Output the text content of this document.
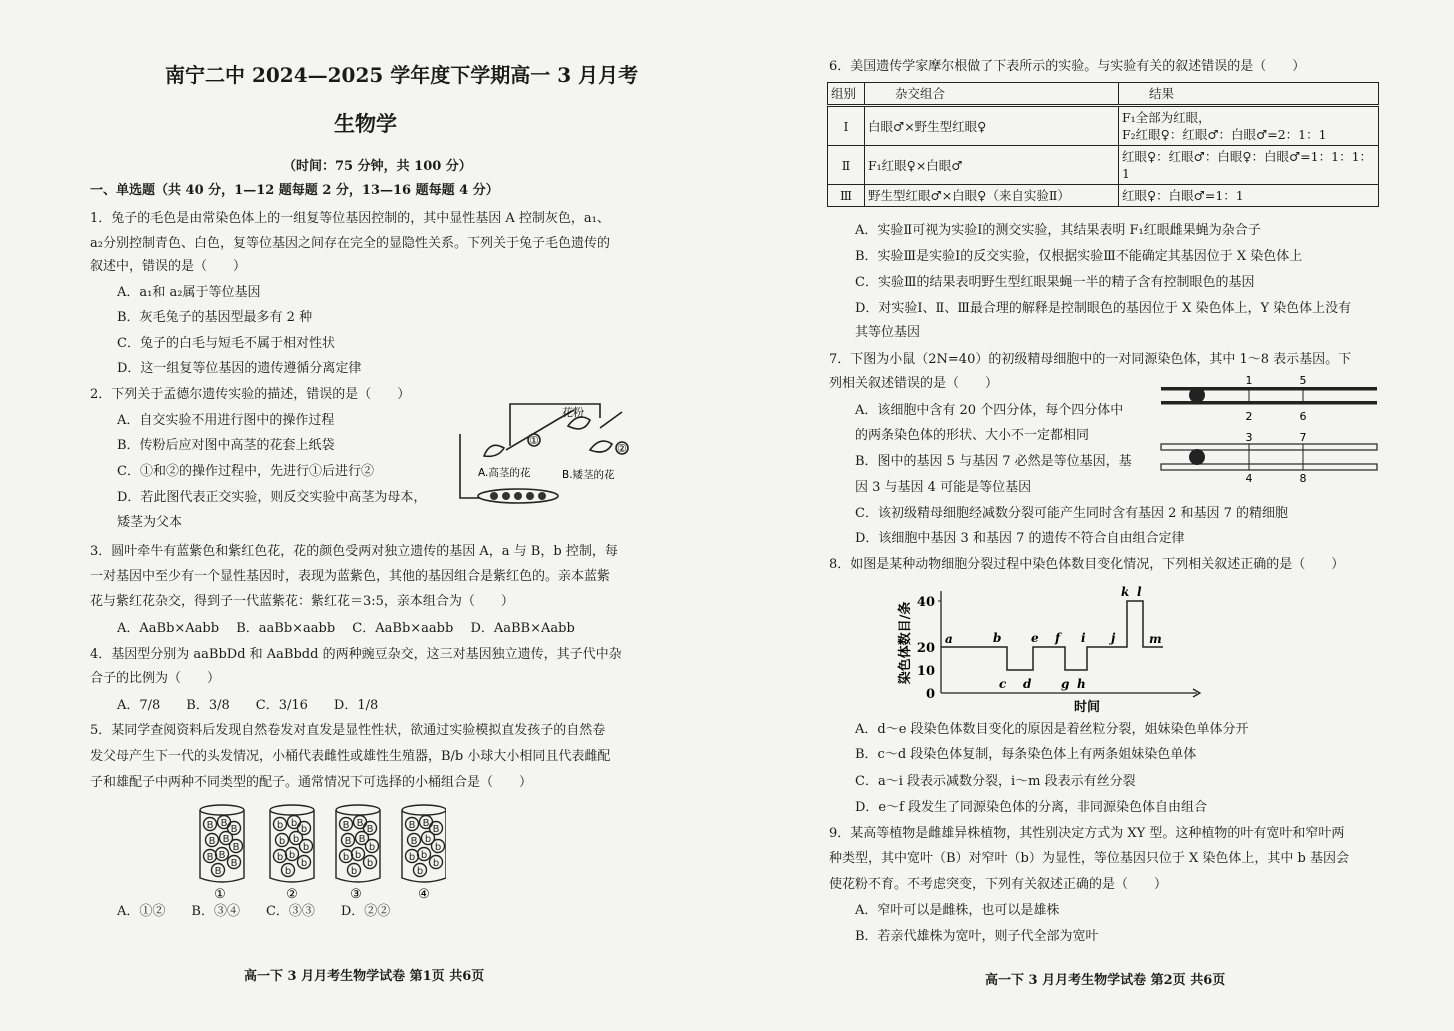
南宁二中 2024—2025 学年度下学期高一 3 月月考
生物学
（时间：75 分钟，共 100 分）
一、单选题（共 40 分，1—12 题每题 2 分，13—16 题每题 4 分）
1．兔子的毛色是由常染色体上的一组复等位基因控制的，其中显性基因 A 控制灰色，a₁、
a₂分别控制青色、白色，复等位基因之间存在完全的显隐性关系。下列关于兔子毛色遗传的
叙述中，错误的是（　　）
A．a₁和 a₂属于等位基因
B．灰毛兔子的基因型最多有 2 种
C．兔子的白毛与短毛不属于相对性状
D．这一组复等位基因的遗传遵循分离定律
2．下列关于孟德尔遗传实验的描述，错误的是（　　）
A．自交实验不用进行图中的操作过程
B．传粉后应对图中高茎的花套上纸袋
C．①和②的操作过程中，先进行①后进行②
D．若此图代表正交实验，则反交实验中高茎为母本，
矮茎为父本
花粉
①
②
A.高茎的花	B.矮茎的花
3．圆叶牵牛有蓝紫色和紫红色花，花的颜色受两对独立遗传的基因 A，a 与 B，b 控制，每
一对基因中至少有一个显性基因时，表现为蓝紫色，其他的基因组合是紫红色的。亲本蓝紫
花与紫红花杂交，得到子一代蓝紫花：紫红花＝3:5，亲本组合为（　　）
A．AaBb×Aabb　 B．aaBb×aabb　 C．AaBb×aabb　 D．AaBB×Aabb
4．基因型分别为 aaBbDd 和 AaBbdd 的两种豌豆杂交，这三对基因独立遗传，其子代中杂
合子的比例为（　　）
A．7/8　　B．3/8　　C．3/16　　D．1/8
5．某同学查阅资料后发现自然卷发对直发是显性性状，欲通过实验模拟直发孩子的自然卷
发父母产生下一代的头发情况，小桶代表雌性或雄性生殖器，B/b 小球大小相同且代表雌配
子和雄配子中两种不同类型的配子。通常情况下可选择的小桶组合是（　　）
①	②	③	④
B B
B
B B
B
B B
B
B
b b
b
b b
b
b b
b
b
B B
B
B B
b
b b
b
b
B B
B
B b
b
b b
b
b
A．①②　　B．③④　　C．③③　　D．②②
高一下 3 月月考生物学试卷 第1页 共6页
6．美国遗传学家摩尔根做了下表所示的实验。与实验有关的叙述错误的是（　　）
组别	杂交组合	结果
Ⅰ	白眼♂×野生型红眼♀	F₁全部为红眼，
F₂红眼♀：红眼♂：白眼♂=2：1：1

Ⅱ	F₁红眼♀×白眼♂	红眼♀：红眼♂：白眼♀：白眼♂=1：1：1：1
Ⅲ	野生型红眼♂×白眼♀（来自实验Ⅱ）	红眼♀：白眼♂=1：1
A．实验Ⅱ可视为实验Ⅰ的测交实验，其结果表明 F₁红眼雌果蝇为杂合子
B．实验Ⅲ是实验Ⅰ的反交实验，仅根据实验Ⅲ不能确定其基因位于 X 染色体上
C．实验Ⅲ的结果表明野生型红眼果蝇一半的精子含有控制眼色的基因
D．对实验Ⅰ、Ⅱ、Ⅲ最合理的解释是控制眼色的基因位于 X 染色体上，Y 染色体上没有
其等位基因
7．下图为小鼠（2N=40）的初级精母细胞中的一对同源染色体，其中 1～8 表示基因。下
列相关叙述错误的是（　　）
A．该细胞中含有 20 个四分体，每个四分体中
的两条染色体的形状、大小不一定都相同
B．图中的基因 5 与基因 7 必然是等位基因，基
因 3 与基因 4 可能是等位基因
C．该初级精母细胞经减数分裂可能产生同时含有基因 2 和基因 7 的精细胞
D．该细胞中基因 3 和基因 7 的遗传不符合自由组合定律
1	5
2	6
3	7
4	8
8．如图是某种动物细胞分裂过程中染色体数目变化情况，下列相关叙述正确的是（　　）
染色体数目/条
时间
0
10
20
40
a	b
c d
e f
g h
i j
k l
m
A．d～e 段染色体数目变化的原因是着丝粒分裂，姐妹染色单体分开
B．c～d 段染色体复制，每条染色体上有两条姐妹染色单体
C．a～i 段表示减数分裂，i～m 段表示有丝分裂
D．e～f 段发生了同源染色体的分离，非同源染色体自由组合
9．某高等植物是雌雄异株植物，其性别决定方式为 XY 型。这种植物的叶有宽叶和窄叶两
种类型，其中宽叶（B）对窄叶（b）为显性，等位基因只位于 X 染色体上，其中 b 基因会
使花粉不育。不考虑突变，下列有关叙述正确的是（　　）
A．窄叶可以是雌株，也可以是雄株
B．若亲代雄株为宽叶，则子代全部为宽叶
高一下 3 月月考生物学试卷 第2页 共6页
